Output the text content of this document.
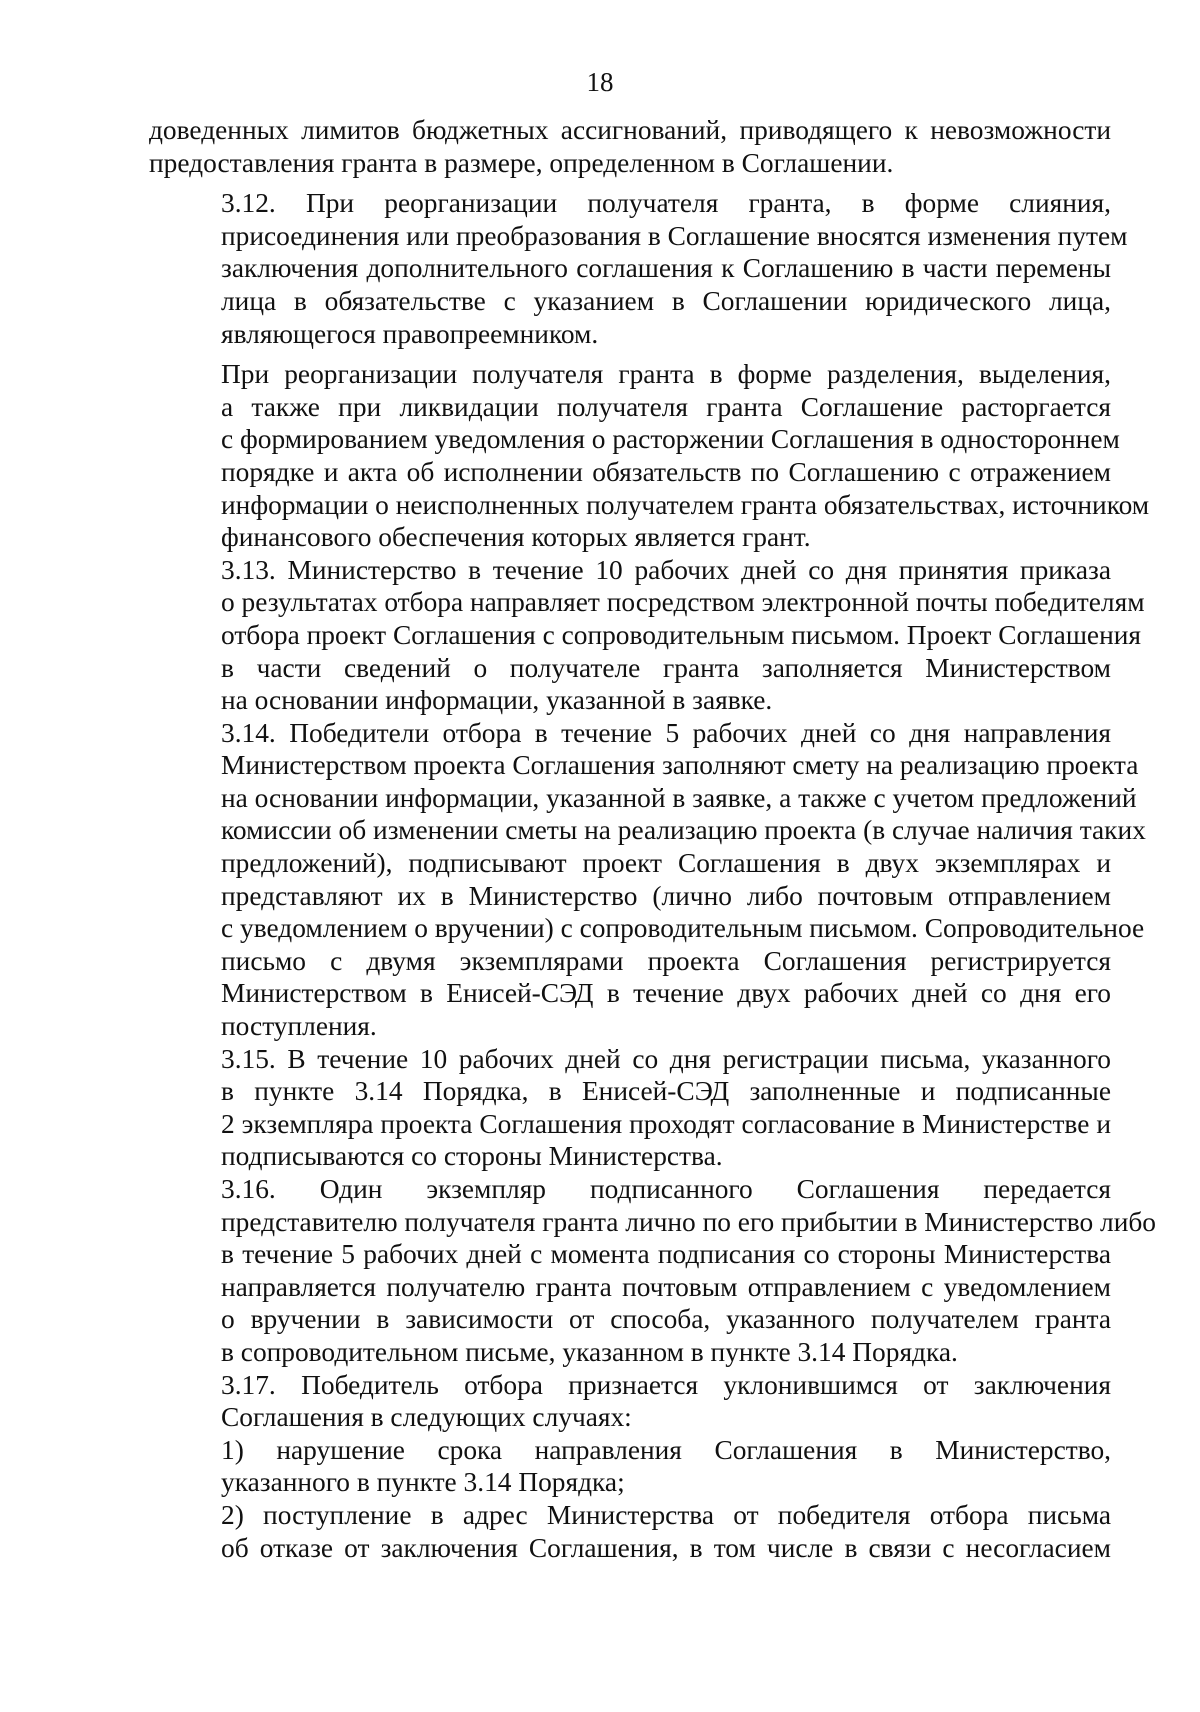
18

доведенных лимитов бюджетных ассигнований, приводящего к невозможности
предоставления гранта в размере, определенном в Соглашении.

3.12. При реорганизации получателя гранта, в форме слияния,
присоединения или преобразования в Соглашение вносятся изменения путем
заключения дополнительного соглашения к Соглашению в части перемены
лица в обязательстве с указанием в Соглашении юридического лица,
являющегося правопреемником.

При реорганизации получателя гранта в форме разделения, выделения,
а также при ликвидации получателя гранта Соглашение расторгается
с формированием уведомления о расторжении Соглашения в одностороннем
порядке и акта об исполнении обязательств по Соглашению с отражением
информации о неисполненных получателем гранта обязательствах, источником
финансового обеспечения которых является грант.

3.13. Министерство в течение 10 рабочих дней со дня принятия приказа
о результатах отбора направляет посредством электронной почты победителям
отбора проект Соглашения с сопроводительным письмом. Проект Соглашения
в части сведений о получателе гранта заполняется Министерством
на основании информации, указанной в заявке.

3.14. Победители отбора в течение 5 рабочих дней со дня направления
Министерством проекта Соглашения заполняют смету на реализацию проекта
на основании информации, указанной в заявке, а также с учетом предложений
комиссии об изменении сметы на реализацию проекта (в случае наличия таких
предложений), подписывают проект Соглашения в двух экземплярах и
представляют их в Министерство (лично либо почтовым отправлением
с уведомлением о вручении) с сопроводительным письмом. Сопроводительное
письмо с двумя экземплярами проекта Соглашения регистрируется
Министерством в Енисей-СЭД в течение двух рабочих дней со дня его
поступления.

3.15. В течение 10 рабочих дней со дня регистрации письма, указанного
в пункте 3.14 Порядка, в Енисей-СЭД заполненные и подписанные
2 экземпляра проекта Соглашения проходят согласование в Министерстве и
подписываются со стороны Министерства.

3.16. Один экземпляр подписанного Соглашения передается
представителю получателя гранта лично по его прибытии в Министерство либо
в течение 5 рабочих дней с момента подписания со стороны Министерства
направляется получателю гранта почтовым отправлением с уведомлением
о вручении в зависимости от способа, указанного получателем гранта
в сопроводительном письме, указанном в пункте 3.14 Порядка.

3.17. Победитель отбора признается уклонившимся от заключения
Соглашения в следующих случаях:

1) нарушение срока направления Соглашения в Министерство,
указанного в пункте 3.14 Порядка;

2) поступление в адрес Министерства от победителя отбора письма
об отказе от заключения Соглашения, в том числе в связи с несогласием
